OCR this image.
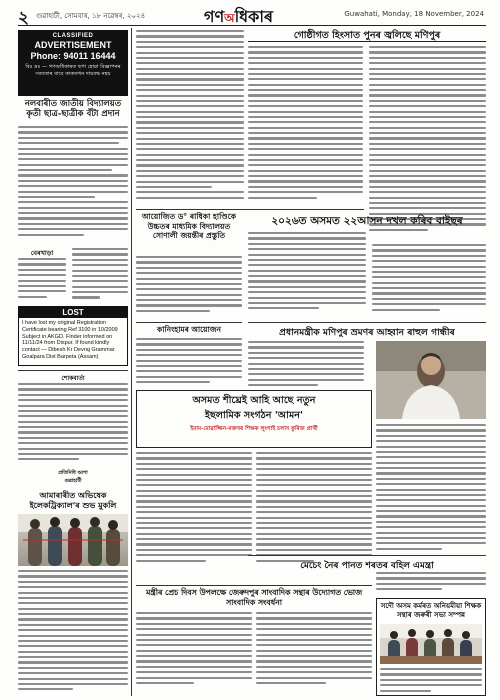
২ গুৱাহাটী, সোমবাৰ, ১৮ নৱেম্বৰ, ২০২৪	গণঅধিকাৰ	Guwahati, Monday, 18 November, 2024
CLASSIFIED
ADVERTISEMENT
Phone: 94011 16444
বিঃ দ্ৰঃ — গণঅধিকাৰত ছপা হোৱা বিজ্ঞাপনৰ সত্যতাৰ বাবে কাকতখন দায়বদ্ধ নহয়
নলবাৰীত জাতীয় বিদ্যালয়ত কৃতী ছাত্ৰ-ছাত্ৰীক বঁটা প্ৰদান
বেৰখাড়া
LOST
I have lost my original Registration Certificate bearing Ref 3100 in 10/2009 Subject in AKGD. Finder informed on 11/11/24 from Dispur. If found kindly contact — Dibesh Kr Devraj Grammar Goalpara Dist Barpeta (Assam)
শোকবাৰ্তা
প্ৰতিনিধি আশা
গুৱাহাটী
আমাৰাৰীত অভিষেক ইলেকট্ৰিক্যাল'ৰ শুভ মুকলি
গোষ্ঠীগত হিংসাত পুনৰ জ্বলিছে মণিপুৰ
আয়োজিত ড° ৰাধিকা হাণ্ডিকে উচ্চতৰ মাধ্যমিক বিদ্যালয়ত সোণালী জয়ন্তীৰ প্ৰস্তুতি
২০২৬ত অসমত ২২আসন দখল কৰিব বাইছৰ
প্ৰধানমন্ত্ৰীক মণিপুৰ ভ্ৰমণৰ আহ্বান ৰাহুল গান্ধীৰ
কানিংহামৰ আয়োজন
অসমত শীঘ্ৰেই আহি আছে নতুন
ইছলামিক সংগঠন 'আমন'
ইমাম-মোৱাজ্জিন-মক্তবৰ শিক্ষক লুংগাই চলাব কুৰিজ প্ৰাৰ্থী
মেচেং নৈৰ পানত শৰতৰ বহিল এমন্ত্ৰা
মন্ত্ৰীৰ প্ৰেচ দিবস উপলক্ষে জেৰুদপুৰ সাংবাদিক সন্থাৰ উদ্যোগত ভোজ সাংবাদিক সংবৰ্ধনা	সদৌ অসম কৰ্মৰত অনিয়মীয়া শিক্ষক সন্থাৰ জৰুৰী সভা সম্পন্ন
